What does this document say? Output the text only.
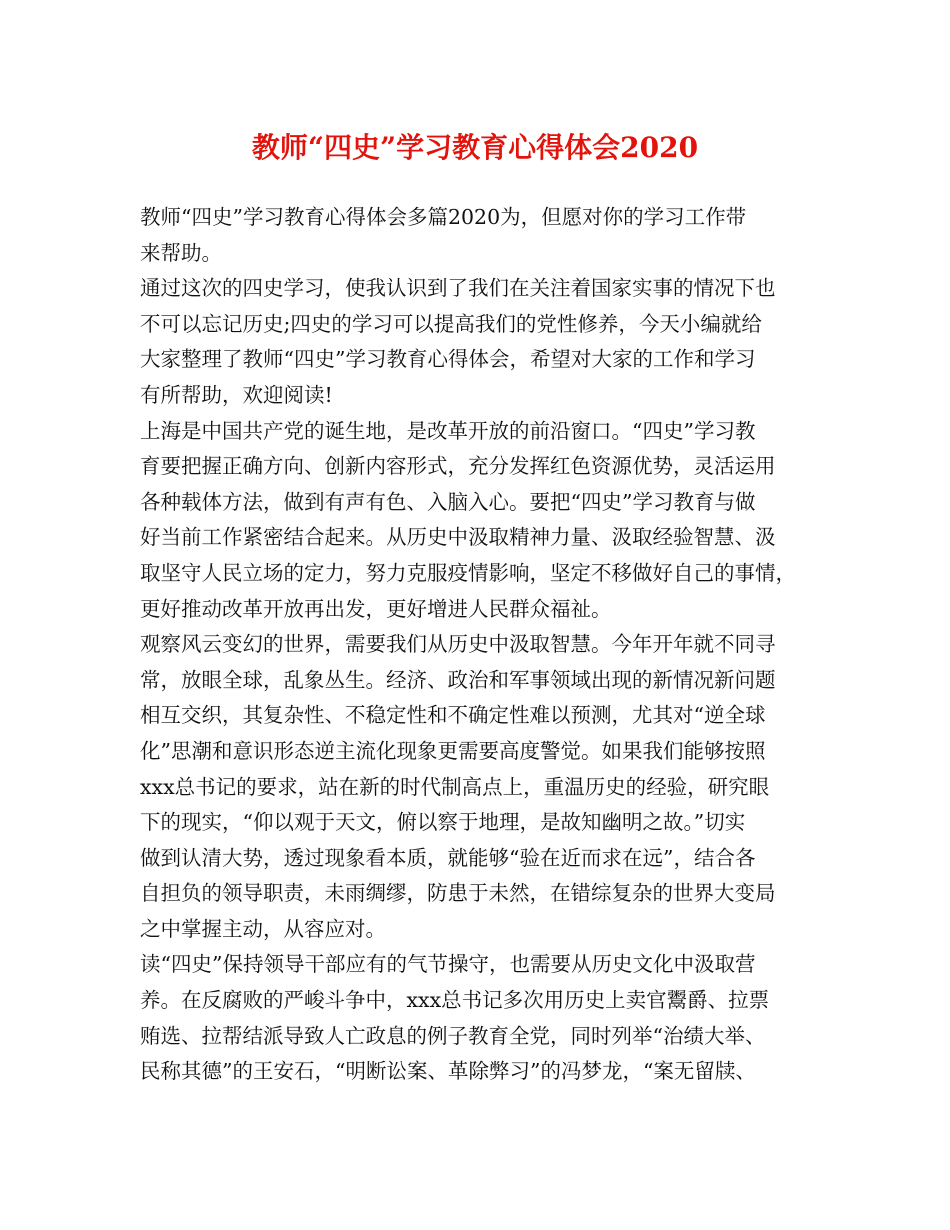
教师“四史”学习教育心得体会2020
教师“四史”学习教育心得体会多篇2020为，但愿对你的学习工作带
来帮助。
通过这次的四史学习，使我认识到了我们在关注着国家实事的情况下也
不可以忘记历史;四史的学习可以提高我们的党性修养，今天小编就给
大家整理了教师“四史”学习教育心得体会，希望对大家的工作和学习
有所帮助，欢迎阅读!
上海是中国共产党的诞生地，是改革开放的前沿窗口。“四史”学习教
育要把握正确方向、创新内容形式，充分发挥红色资源优势，灵活运用
各种载体方法，做到有声有色、入脑入心。要把“四史”学习教育与做
好当前工作紧密结合起来。从历史中汲取精神力量、汲取经验智慧、汲
取坚守人民立场的定力，努力克服疫情影响，坚定不移做好自己的事情，
更好推动改革开放再出发，更好增进人民群众福祉。
观察风云变幻的世界，需要我们从历史中汲取智慧。今年开年就不同寻
常，放眼全球，乱象丛生。经济、政治和军事领域出现的新情况新问题
相互交织，其复杂性、不稳定性和不确定性难以预测，尤其对“逆全球
化”思潮和意识形态逆主流化现象更需要高度警觉。如果我们能够按照
xxx总书记的要求，站在新的时代制高点上，重温历史的经验，研究眼
下的现实，“仰以观于天文，俯以察于地理，是故知幽明之故。”切实
做到认清大势，透过现象看本质，就能够“验在近而求在远”，结合各
自担负的领导职责，未雨绸缪，防患于未然，在错综复杂的世界大变局
之中掌握主动，从容应对。
读“四史”保持领导干部应有的气节操守，也需要从历史文化中汲取营
养。在反腐败的严峻斗争中，xxx总书记多次用历史上卖官鬻爵、拉票
贿选、拉帮结派导致人亡政息的例子教育全党，同时列举“治绩大举、
民称其德”的王安石，“明断讼案、革除弊习”的冯梦龙，“案无留牍、
